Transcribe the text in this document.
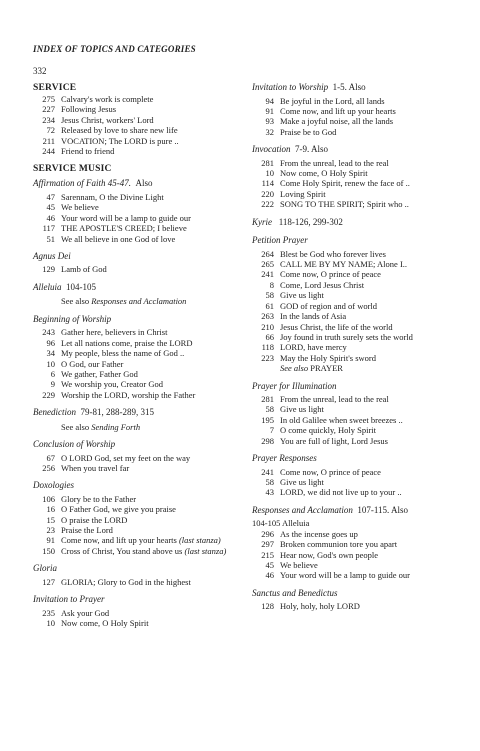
INDEX OF TOPICS AND CATEGORIES
332
SERVICE
275 Calvary's work is complete
227 Following Jesus
234 Jesus Christ, workers' Lord
72 Released by love to share new life
211 VOCATION; The LORD is pure ..
244 Friend to friend
SERVICE MUSIC
Affirmation of Faith 45-47. Also
47 Sarennam, O the Divine Light
45 We believe
46 Your word will be a lamp to guide our
117 THE APOSTLE'S CREED; I believe
51 We all believe in one God of love
Agnus Dei
129 Lamb of God
Alleluia 104-105
See also Responses and Acclamation
Beginning of Worship
243 Gather here, believers in Christ
96 Let all nations come, praise the LORD
34 My people, bless the name of God ..
10 O God, our Father
6 We gather, Father God
9 We worship you, Creator God
229 Worship the LORD, worship the Father
Benediction 79-81, 288-289, 315
See also Sending Forth
Conclusion of Worship
67 O LORD God, set my feet on the way
256 When you travel far
Doxologies
106 Glory be to the Father
16 O Father God, we give you praise
15 O praise the LORD
23 Praise the Lord
91 Come now, and lift up your hearts (last stanza)
150 Cross of Christ, You stand above us (last stanza)
Gloria
127 GLORIA; Glory to God in the highest
Invitation to Prayer
235 Ask your God
10 Now come, O Holy Spirit
Invitation to Worship 1-5. Also
94 Be joyful in the Lord, all lands
91 Come now, and lift up your hearts
93 Make a joyful noise, all the lands
32 Praise be to God
Invocation 7-9. Also
281 From the unreal, lead to the real
10 Now come, O Holy Spirit
114 Come Holy Spirit, renew the face of ..
220 Loving Spirit
222 SONG TO THE SPIRIT; Spirit who ..
Kyrie 118-126, 299-302
Petition Prayer
264 Blest be God who forever lives
265 CALL ME BY MY NAME; Alone I..
241 Come now, O prince of peace
8 Come, Lord Jesus Christ
58 Give us light
61 GOD of region and of world
263 In the lands of Asia
210 Jesus Christ, the life of the world
66 Joy found in truth surely sets the world
118 LORD, have mercy
223 May the Holy Spirit's sword
See also PRAYER
Prayer for Illumination
281 From the unreal, lead to the real
58 Give us light
195 In old Galilee when sweet breezes ..
7 O come quickly, Holy Spirit
298 You are full of light, Lord Jesus
Prayer Responses
241 Come now, O prince of peace
58 Give us light
43 LORD, we did not live up to your ..
Responses and Acclamation 107-115. Also
104-105 Alleluia
296 As the incense goes up
297 Broken communion tore you apart
215 Hear now, God's own people
45 We believe
46 Your word will be a lamp to guide our
Sanctus and Benedictus
128 Holy, holy, holy LORD
